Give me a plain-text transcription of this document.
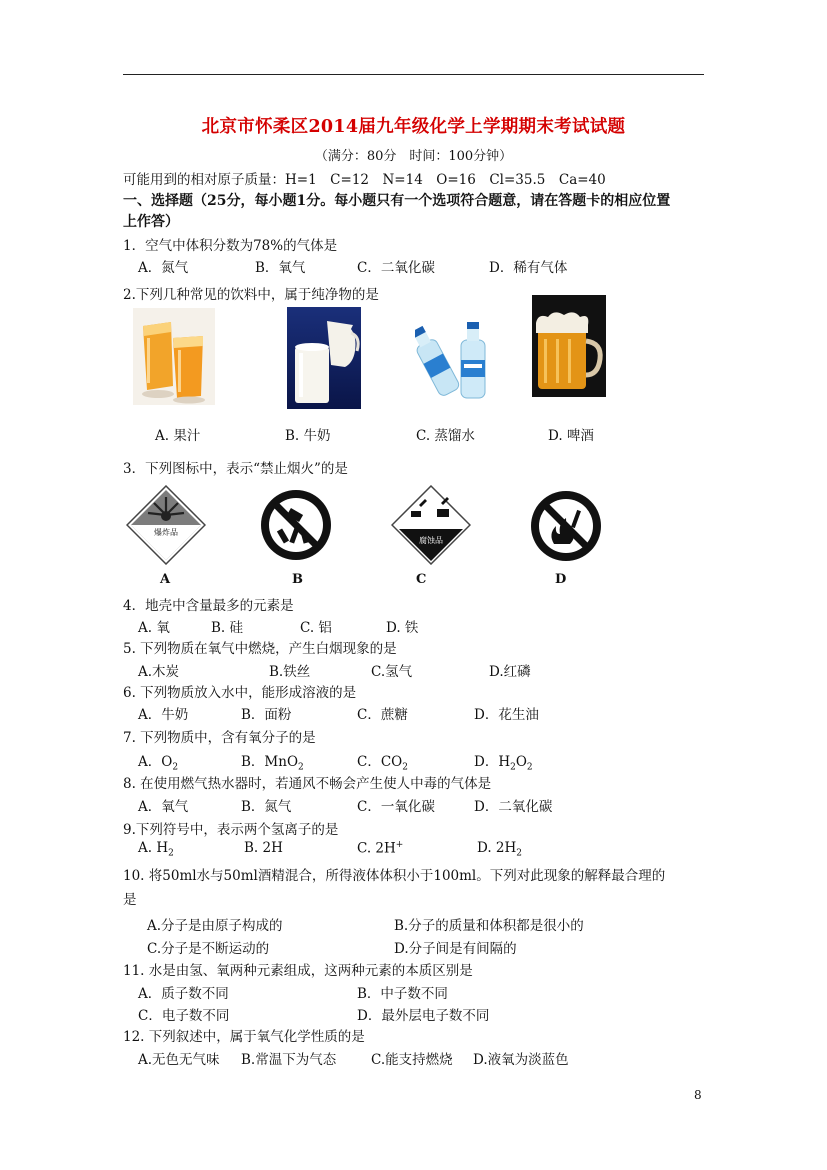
北京市怀柔区2014届九年级化学上学期期末考试试题
（满分：80分　时间：100分钟）
可能用到的相对原子质量：H=1　C=12　N=14　O=16　Cl=35.5　Ca=40
一、选择题（25分，每小题1分。每小题只有一个选项符合题意，请在答题卡的相应位置
上作答）
1．空气中体积分数为78%的气体是
A．氮气	B．氧气	C．二氧化碳	D．稀有气体
2.下列几种常见的饮料中，属于纯净物的是
A. 果汁	B. 牛奶	C. 蒸馏水	D. 啤酒
3．下列图标中，表示“禁止烟火”的是
爆炸品
腐蚀品
A	B	C	D
4．地壳中含量最多的元素是
A. 氧	B. 硅	C. 铝	D. 铁
5. 下列物质在氧气中燃烧，产生白烟现象的是
A.木炭	B.铁丝	C.氢气	D.红磷
6. 下列物质放入水中，能形成溶液的是
A．牛奶	B．面粉	C．蔗糖	D．花生油
7. 下列物质中，含有氧分子的是
A．$O_2$	B．MnO$_2$	C．$CO_2$	D．$H_2O_2$
8. 在使用燃气热水器时，若通风不畅会产生使人中毒的气体是
A．氧气	B．氮气	C．一氧化碳	D．二氧化碳
9.下列符号中，表示两个氢离子的是
A. $H_2$	B. 2H	C. 2H+	D. $2H_2$
10. 将50ml水与50ml酒精混合，所得液体体积小于100ml。下列对此现象的解释最合理的
是
A.分子是由原子构成的	B.分子的质量和体积都是很小的
C.分子是不断运动的	D.分子间是有间隔的
11. 水是由氢、氧两种元素组成，这两种元素的本质区别是
A．质子数不同	B．中子数不同
C．电子数不同	D．最外层电子数不同
12. 下列叙述中，属于氧气化学性质的是
A.无色无气味 B.常温下为气态	C.能支持燃烧 D.液氧为淡蓝色
8
